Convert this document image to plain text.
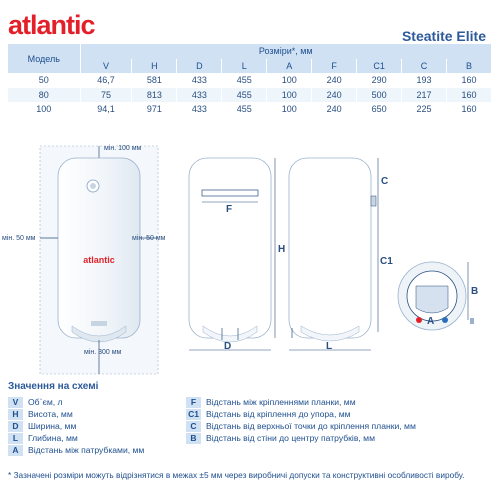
atlantic	Steatite Elite
Модель	Розміри*, мм								
	V	H	D	L	A	F	C1	C	B
50	46,7	581	433	455	100	240	290	193	160
80	75	813	433	455	100	240	500	217	160
100	94,1	971	433	455	100	240	650	225	160
мін. 100 мм
atlantic
мін. 50 мм	мін. 50 мм
мін. 300 мм
F
H
D
C
C1
L
A
B
Значення на схемі
V	Об`єм, л
H	Висота, мм
D	Ширина, мм
L	Глибина, мм
A	Відстань між патрубками, мм
F	Відстань між кріпленнями планки, мм
C1 Відстань від кріплення до упора, мм
C	Відстань від верхньої точки до кріплення планки, мм
B	Відстань від стіни до центру патрубків, мм
* Зазначені розміри можуть відрізнятися в межах ±5 мм через виробничі допуски та конструктивні особливості виробу.
